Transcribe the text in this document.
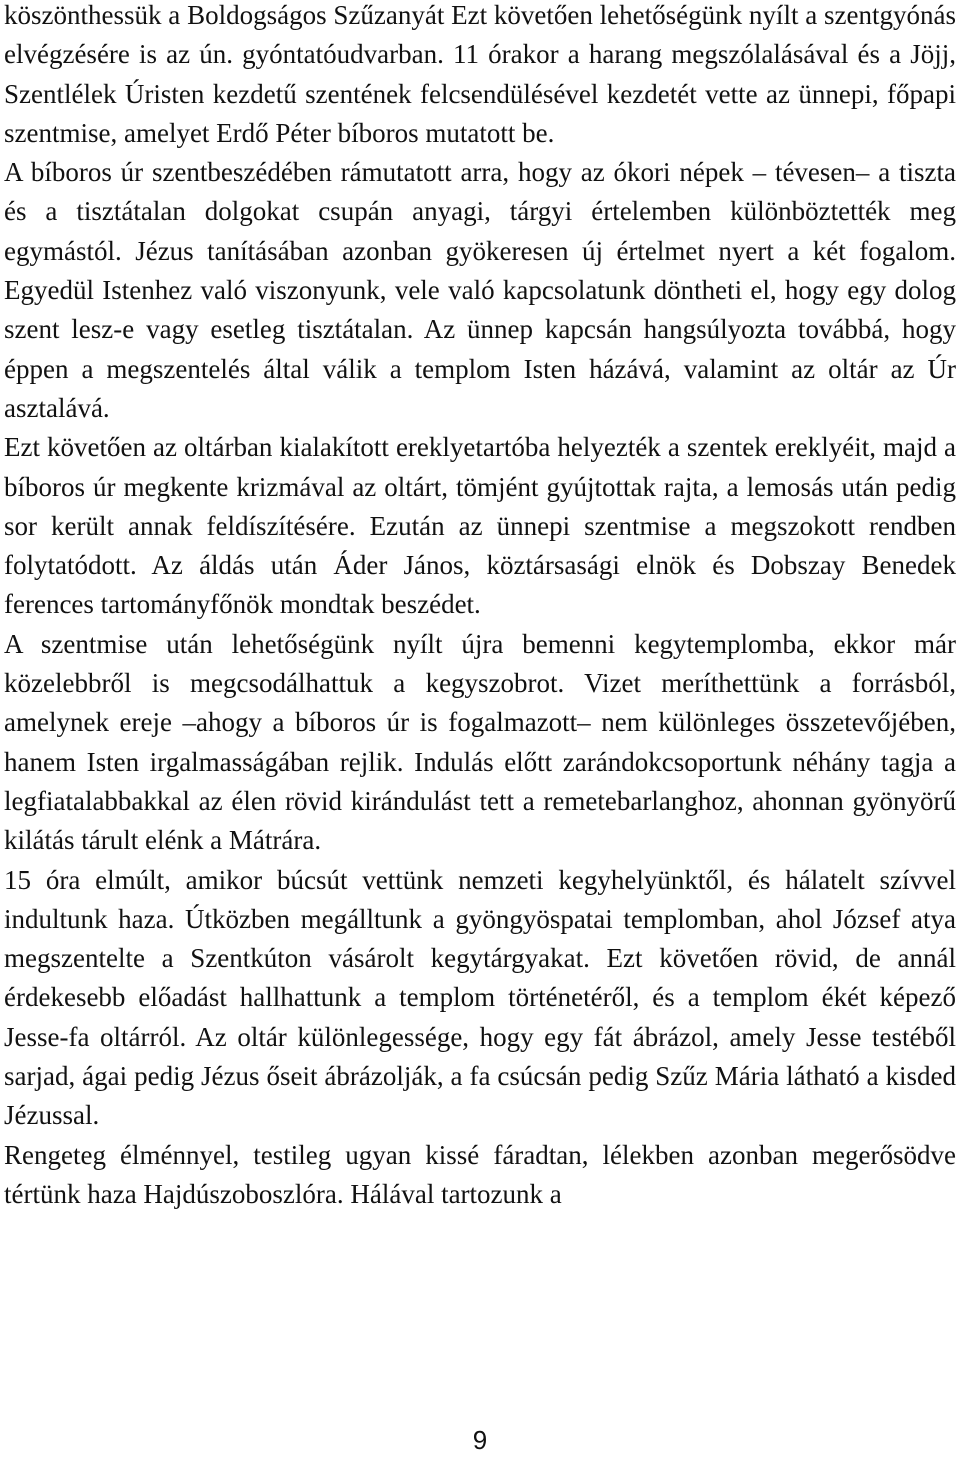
köszönthessük a Boldogságos Szűzanyát Ezt követően lehetőségünk nyílt a szentgyónás elvégzésére is az ún. gyóntatóudvarban. 11 órakor a harang megszólalásával és a Jöjj, Szentlélek Úristen kezdetű szentének felcsendülésével kezdetét vette az ünnepi, főpapi szentmise, amelyet Erdő Péter bíboros mutatott be.

A bíboros úr szentbeszédében rámutatott arra, hogy az ókori népek – tévesen– a tiszta és a tisztátalan dolgokat csupán anyagi, tárgyi értelemben különböztették meg egymástól. Jézus tanításában azonban gyökeresen új értelmet nyert a két fogalom. Egyedül Istenhez való viszonyunk, vele való kapcsolatunk döntheti el, hogy egy dolog szent lesz-e vagy esetleg tisztátalan. Az ünnep kapcsán hangsúlyozta továbbá, hogy éppen a megszentelés által válik a templom Isten házává, valamint az oltár az Úr asztalává.

Ezt követően az oltárban kialakított ereklyetartóba helyezték a szentek ereklyéit, majd a bíboros úr megkente krizmával az oltárt, tömjént gyújtottak rajta, a lemosás után pedig sor került annak feldíszítésére. Ezután az ünnepi szentmise a megszokott rendben folytatódott. Az áldás után Áder János, köztársasági elnök és Dobszay Benedek ferences tartományfőnök mondtak beszédet.

A szentmise után lehetőségünk nyílt újra bemenni kegytemplomba, ekkor már közelebbről is megcsodálhattuk a kegyszobrot. Vizet meríthettünk a forrásból, amelynek ereje –ahogy a bíboros úr is fogalmazott– nem különleges összetevőjében, hanem Isten irgalmasságában rejlik. Indulás előtt zarándokcsoportunk néhány tagja a legfiatalabbakkal az élen rövid kirándulást tett a remetebarlanghoz, ahonnan gyönyörű kilátás tárult elénk a Mátrára.

15 óra elmúlt, amikor búcsút vettünk nemzeti kegyhelyünktől, és hálatelt szívvel indultunk haza. Útközben megálltunk a gyöngyöspatai templomban, ahol József atya megszentelte a Szentkúton vásárolt kegytárgyakat. Ezt követően rövid, de annál érdekesebb előadást hallhattunk a templom történetéről, és a templom ékét képező Jesse-fa oltárról. Az oltár különlegessége, hogy egy fát ábrázol, amely Jesse testéből sarjad, ágai pedig Jézus őseit ábrázolják, a fa csúcsán pedig Szűz Mária látható a kisded Jézussal.

Rengeteg élménnyel, testileg ugyan kissé fáradtan, lélekben azonban megerősödve tértünk haza Hajdúszoboszlóra. Hálával tartozunk a

9
